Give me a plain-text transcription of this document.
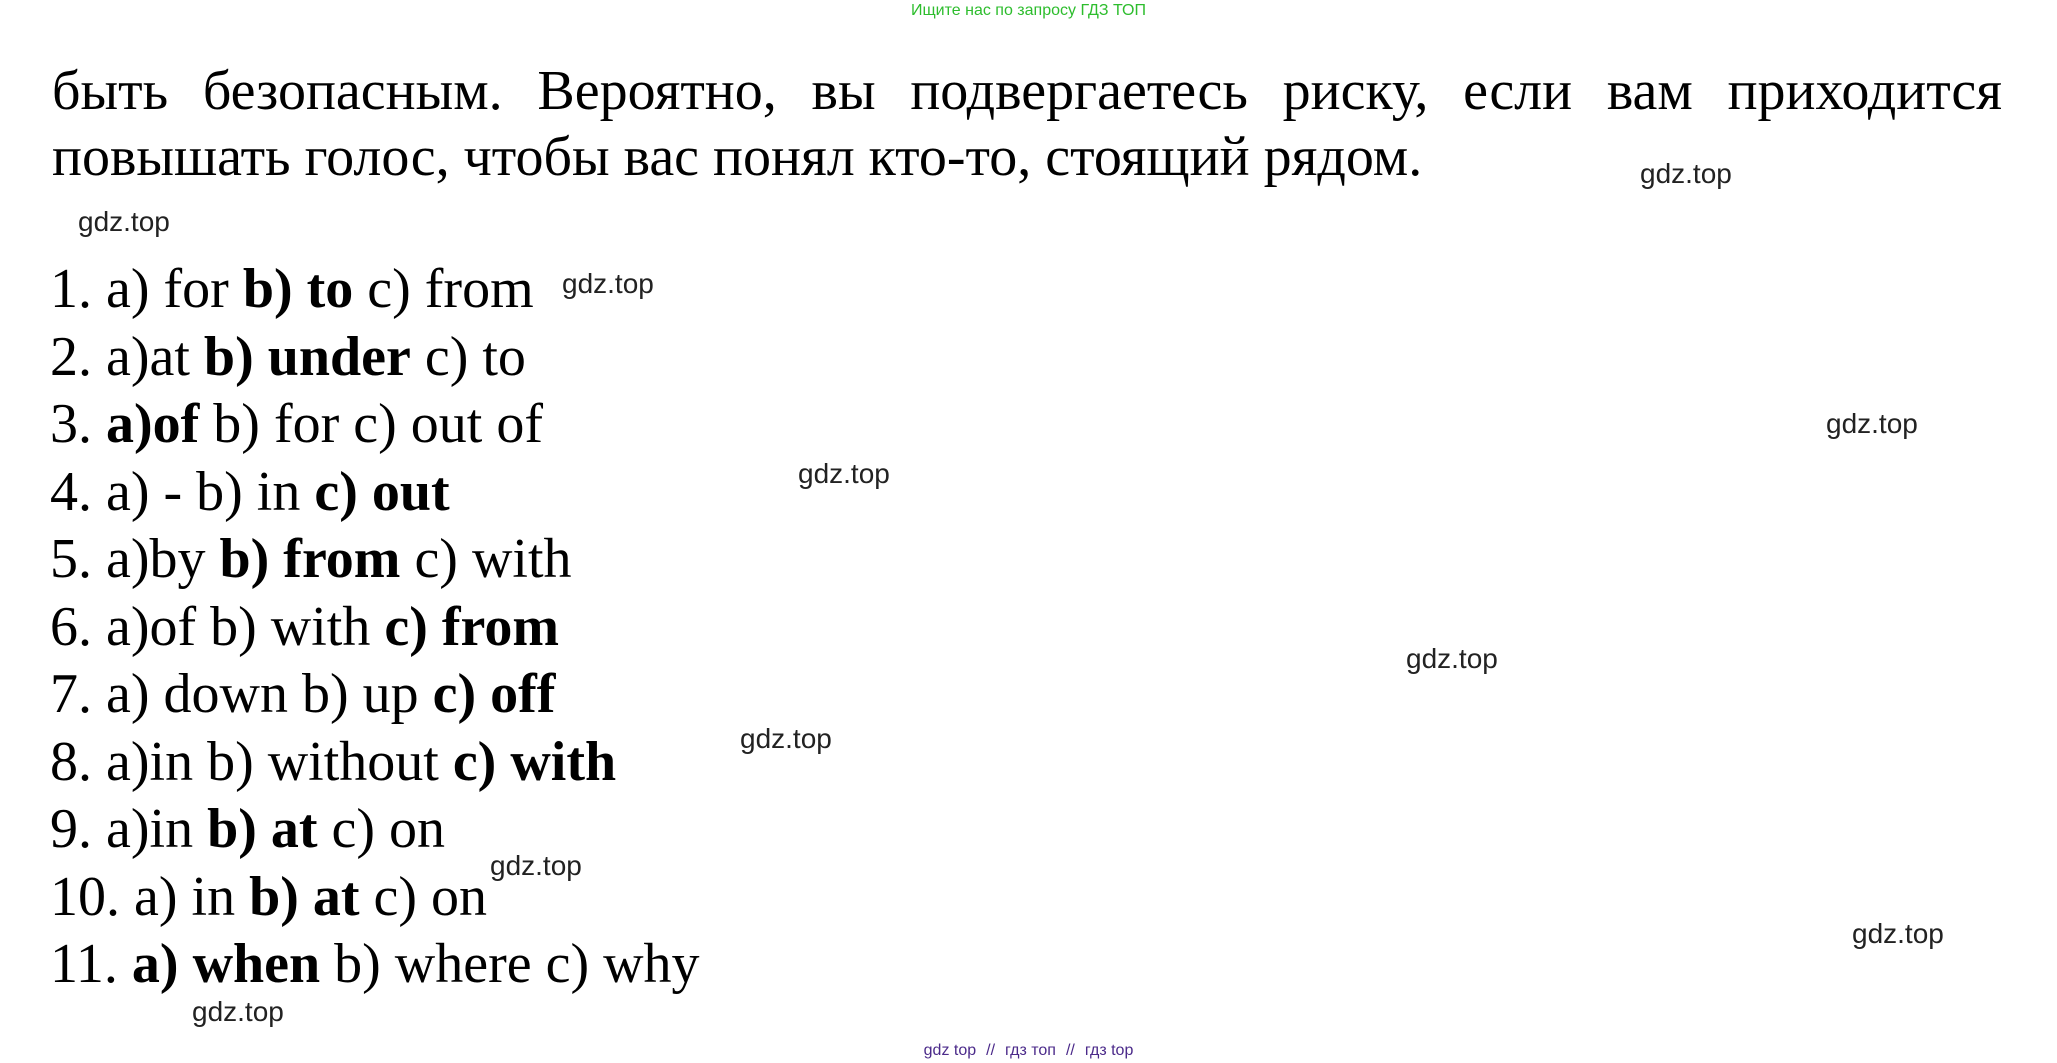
Ищите нас по запросу ГДЗ ТОП

быть безопасным. Вероятно, вы подвергаетесь риску, если вам приходится повышать голос, чтобы вас понял кто-то, стоящий рядом.

1. a) for b) to c) from
2. a)at b) under c) to
3. a)of b) for c) out of
4. a) - b) in c) out
5. a)by b) from c) with
6. a)of b) with c) from
7. a) down b) up c) off
8. a)in b) without c) with
9. a)in b) at c) on
10. a) in b) at c) on
11. a) when b) where c) why
gdz.top
gdz.top
gdz.top
gdz.top
gdz.top
gdz.top
gdz.top
gdz.top
gdz.top
gdz.top
gdz top // гдз топ // гдз top
